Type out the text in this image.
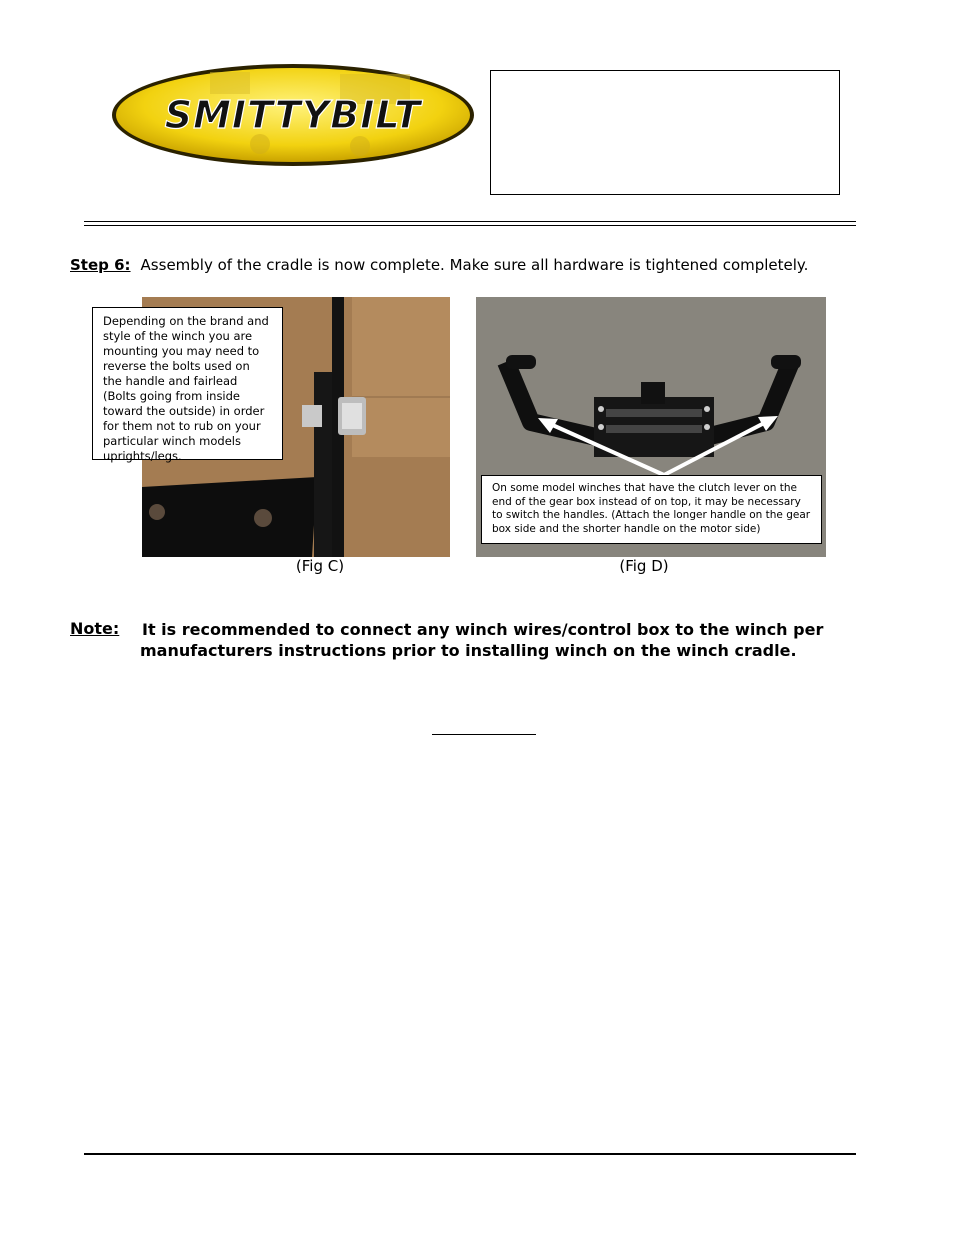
SMITTYBILT
Step 6: Assembly of the cradle is now complete. Make sure all hardware is tightened completely.
Depending on the brand and style of the winch you are mounting you may need to reverse the bolts used on the handle and fairlead (Bolts going from inside toward the outside) in order for them not to rub on your particular winch models uprights/legs.
On some model winches that have the clutch lever on the end of the gear box instead of on top, it may be necessary to switch the handles. (Attach the longer handle on the gear box side and the shorter handle on the motor side)
(Fig C)	(Fig D)
Note: It is recommended to connect any winch wires/control box to the winch per manufacturers instructions prior to installing winch on the winch cradle.
